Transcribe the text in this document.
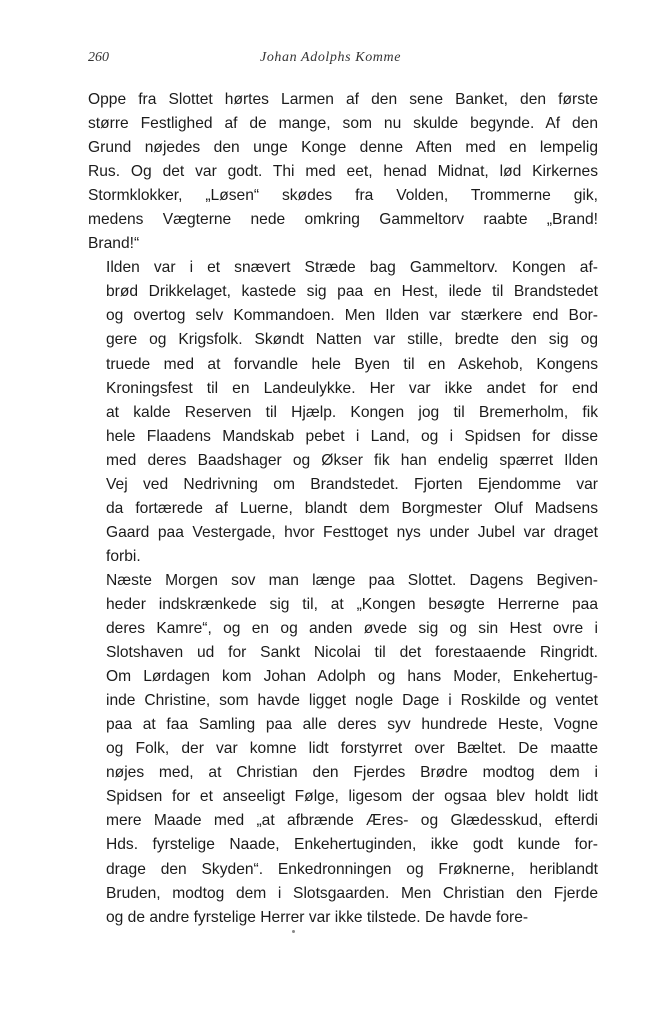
260	Johan Adolphs Komme

Oppe fra Slottet hørtes Larmen af den sene Banket, den første
større Festlighed af de mange, som nu skulde begynde. Af den
Grund nøjedes den unge Konge denne Aften med en lempelig
Rus. Og det var godt. Thi med eet, henad Midnat, lød Kirkernes
Stormklokker, „Løsen“ skødes fra Volden, Trommerne gik,
medens Vægterne nede omkring Gammeltorv raabte „Brand!
Brand!“

Ilden var i et snævert Stræde bag Gammeltorv. Kongen af-
brød Drikkelaget, kastede sig paa en Hest, ilede til Brandstedet
og overtog selv Kommandoen. Men Ilden var stærkere end Bor-
gere og Krigsfolk. Skøndt Natten var stille, bredte den sig og
truede med at forvandle hele Byen til en Askehob, Kongens
Kroningsfest til en Landeulykke. Her var ikke andet for end
at kalde Reserven til Hjælp. Kongen jog til Bremerholm, fik
hele Flaadens Mandskab pebet i Land, og i Spidsen for disse
med deres Baadshager og Økser fik han endelig spærret Ilden
Vej ved Nedrivning om Brandstedet. Fjorten Ejendomme var
da fortærede af Luerne, blandt dem Borgmester Oluf Madsens
Gaard paa Vestergade, hvor Festtoget nys under Jubel var draget
forbi.

Næste Morgen sov man længe paa Slottet. Dagens Begiven-
heder indskrænkede sig til, at „Kongen besøgte Herrerne paa
deres Kamre“, og en og anden øvede sig og sin Hest ovre i
Slotshaven ud for Sankt Nicolai til det forestaaende Ringridt.
Om Lørdagen kom Johan Adolph og hans Moder, Enkehertug-
inde Christine, som havde ligget nogle Dage i Roskilde og ventet
paa at faa Samling paa alle deres syv hundrede Heste, Vogne
og Folk, der var komne lidt forstyrret over Bæltet. De maatte
nøjes med, at Christian den Fjerdes Brødre modtog dem i
Spidsen for et anseeligt Følge, ligesom der ogsaa blev holdt lidt
mere Maade med „at afbrænde Æres- og Glædesskud, efterdi
Hds. fyrstelige Naade, Enkehertuginden, ikke godt kunde for-
drage den Skyden“. Enkedronningen og Frøknerne, heriblandt
Bruden, modtog dem i Slotsgaarden. Men Christian den Fjerde
og de andre fyrstelige Herrer var ikke tilstede. De havde fore-
